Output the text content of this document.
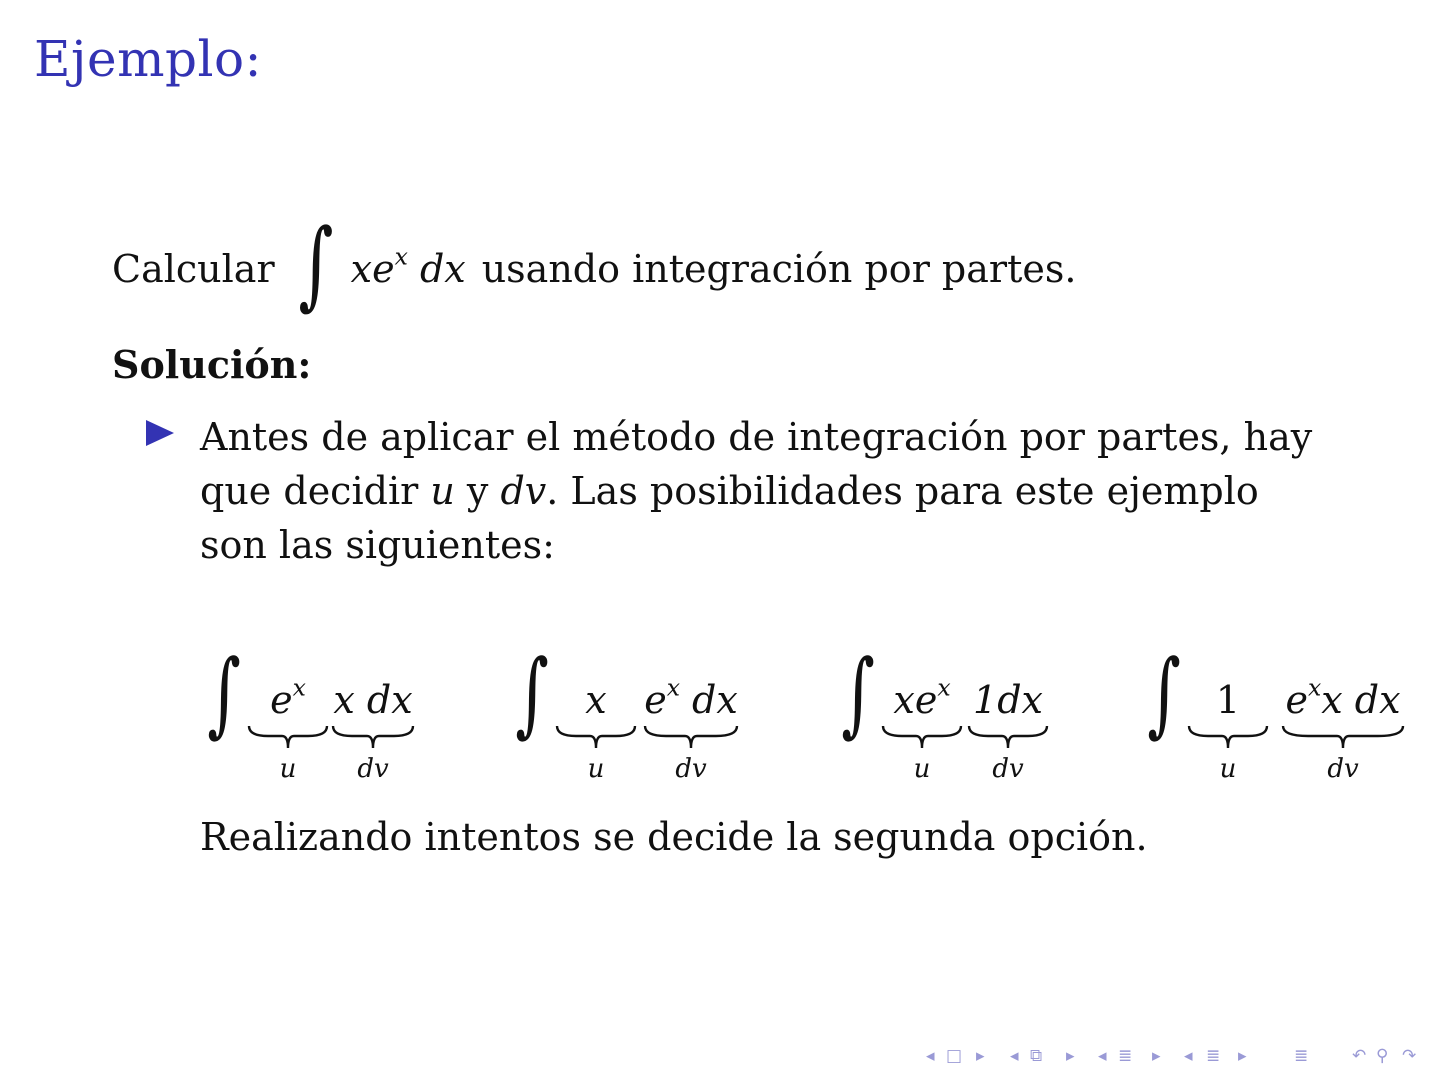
Ejemplo:
Calcular ∫ $xe^x$ dx usando integración por partes.
Solución:
Antes de aplicar el método de integración por partes, hay que decidir u y dv. Las posibilidades para este ejemplo son las siguientes:
∫ $e^x$
u
x dx
dv
∫ x
u
$e^x$ dx
dv
∫ $xe^x$
u
1dx
dv
∫ 1
u
$e^xx$ dx
dv
Realizando intentos se decide la segunda opción.
◂ □ ▸ ◂ ⧉ ▸ ◂ ≣ ▸ ◂ ≣ ▸	≣	↶ ⚲ ↷
